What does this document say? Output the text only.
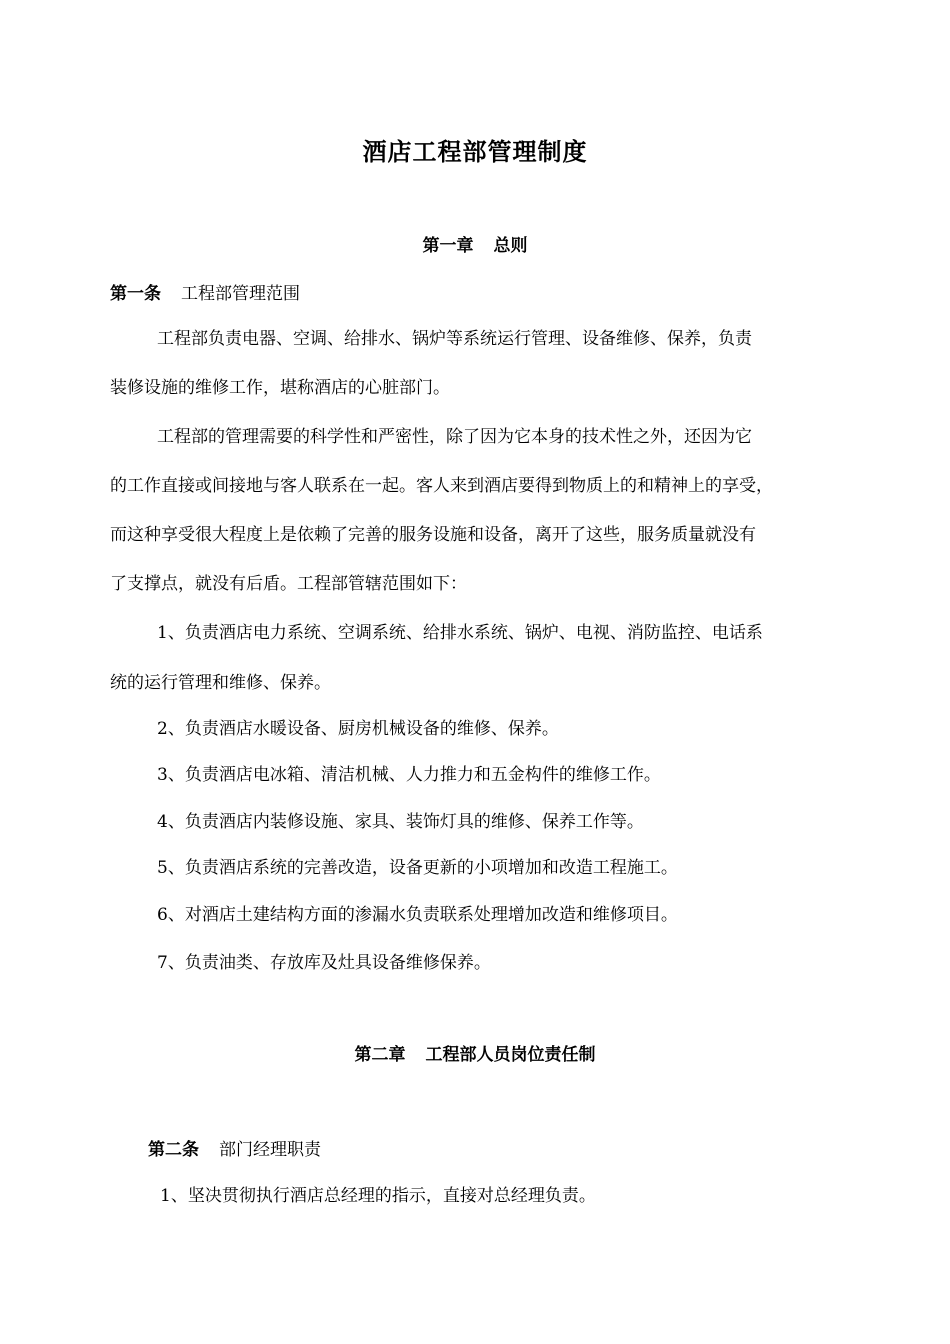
酒店工程部管理制度
第一章 总则
第一条 工程部管理范围
工程部负责电器、空调、给排水、锅炉等系统运行管理、设备维修、保养，负责
装修设施的维修工作，堪称酒店的心脏部门。
工程部的管理需要的科学性和严密性，除了因为它本身的技术性之外，还因为它
的工作直接或间接地与客人联系在一起。客人来到酒店要得到物质上的和精神上的享受，
而这种享受很大程度上是依赖了完善的服务设施和设备，离开了这些，服务质量就没有
了支撑点，就没有后盾。工程部管辖范围如下：
1、负责酒店电力系统、空调系统、给排水系统、锅炉、电视、消防监控、电话系
统的运行管理和维修、保养。
2、负责酒店水暖设备、厨房机械设备的维修、保养。
3、负责酒店电冰箱、清洁机械、人力推力和五金构件的维修工作。
4、负责酒店内装修设施、家具、装饰灯具的维修、保养工作等。
5、负责酒店系统的完善改造，设备更新的小项增加和改造工程施工。
6、对酒店土建结构方面的渗漏水负责联系处理增加改造和维修项目。
7、负责油类、存放库及灶具设备维修保养。
第二章 工程部人员岗位责任制
第二条 部门经理职责
1、坚决贯彻执行酒店总经理的指示，直接对总经理负责。
